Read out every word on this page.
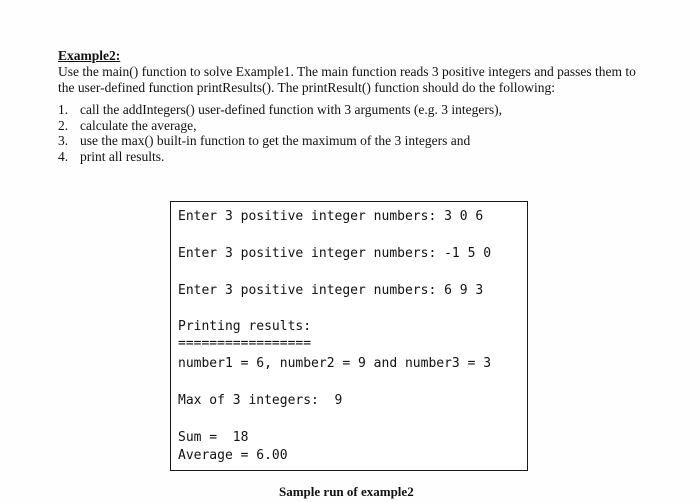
Example2:
Use the main() function to solve Example1. The main function reads 3 positive integers and passes them to
the user-defined function printResults(). The printResult() function should do the following:
1. call the addIntegers() user-defined function with 3 arguments (e.g. 3 integers),
2. calculate the average,
3. use the max() built-in function to get the maximum of the 3 integers and
4. print all results.
Enter 3 positive integer numbers: 3 0 6
Enter 3 positive integer numbers: -1 5 0
Enter 3 positive integer numbers: 6 9 3
Printing results:
=================
number1 = 6, number2 = 9 and number3 = 3
Max of 3 integers:  9
Sum =  18
Average = 6.00
Sample run of example2
